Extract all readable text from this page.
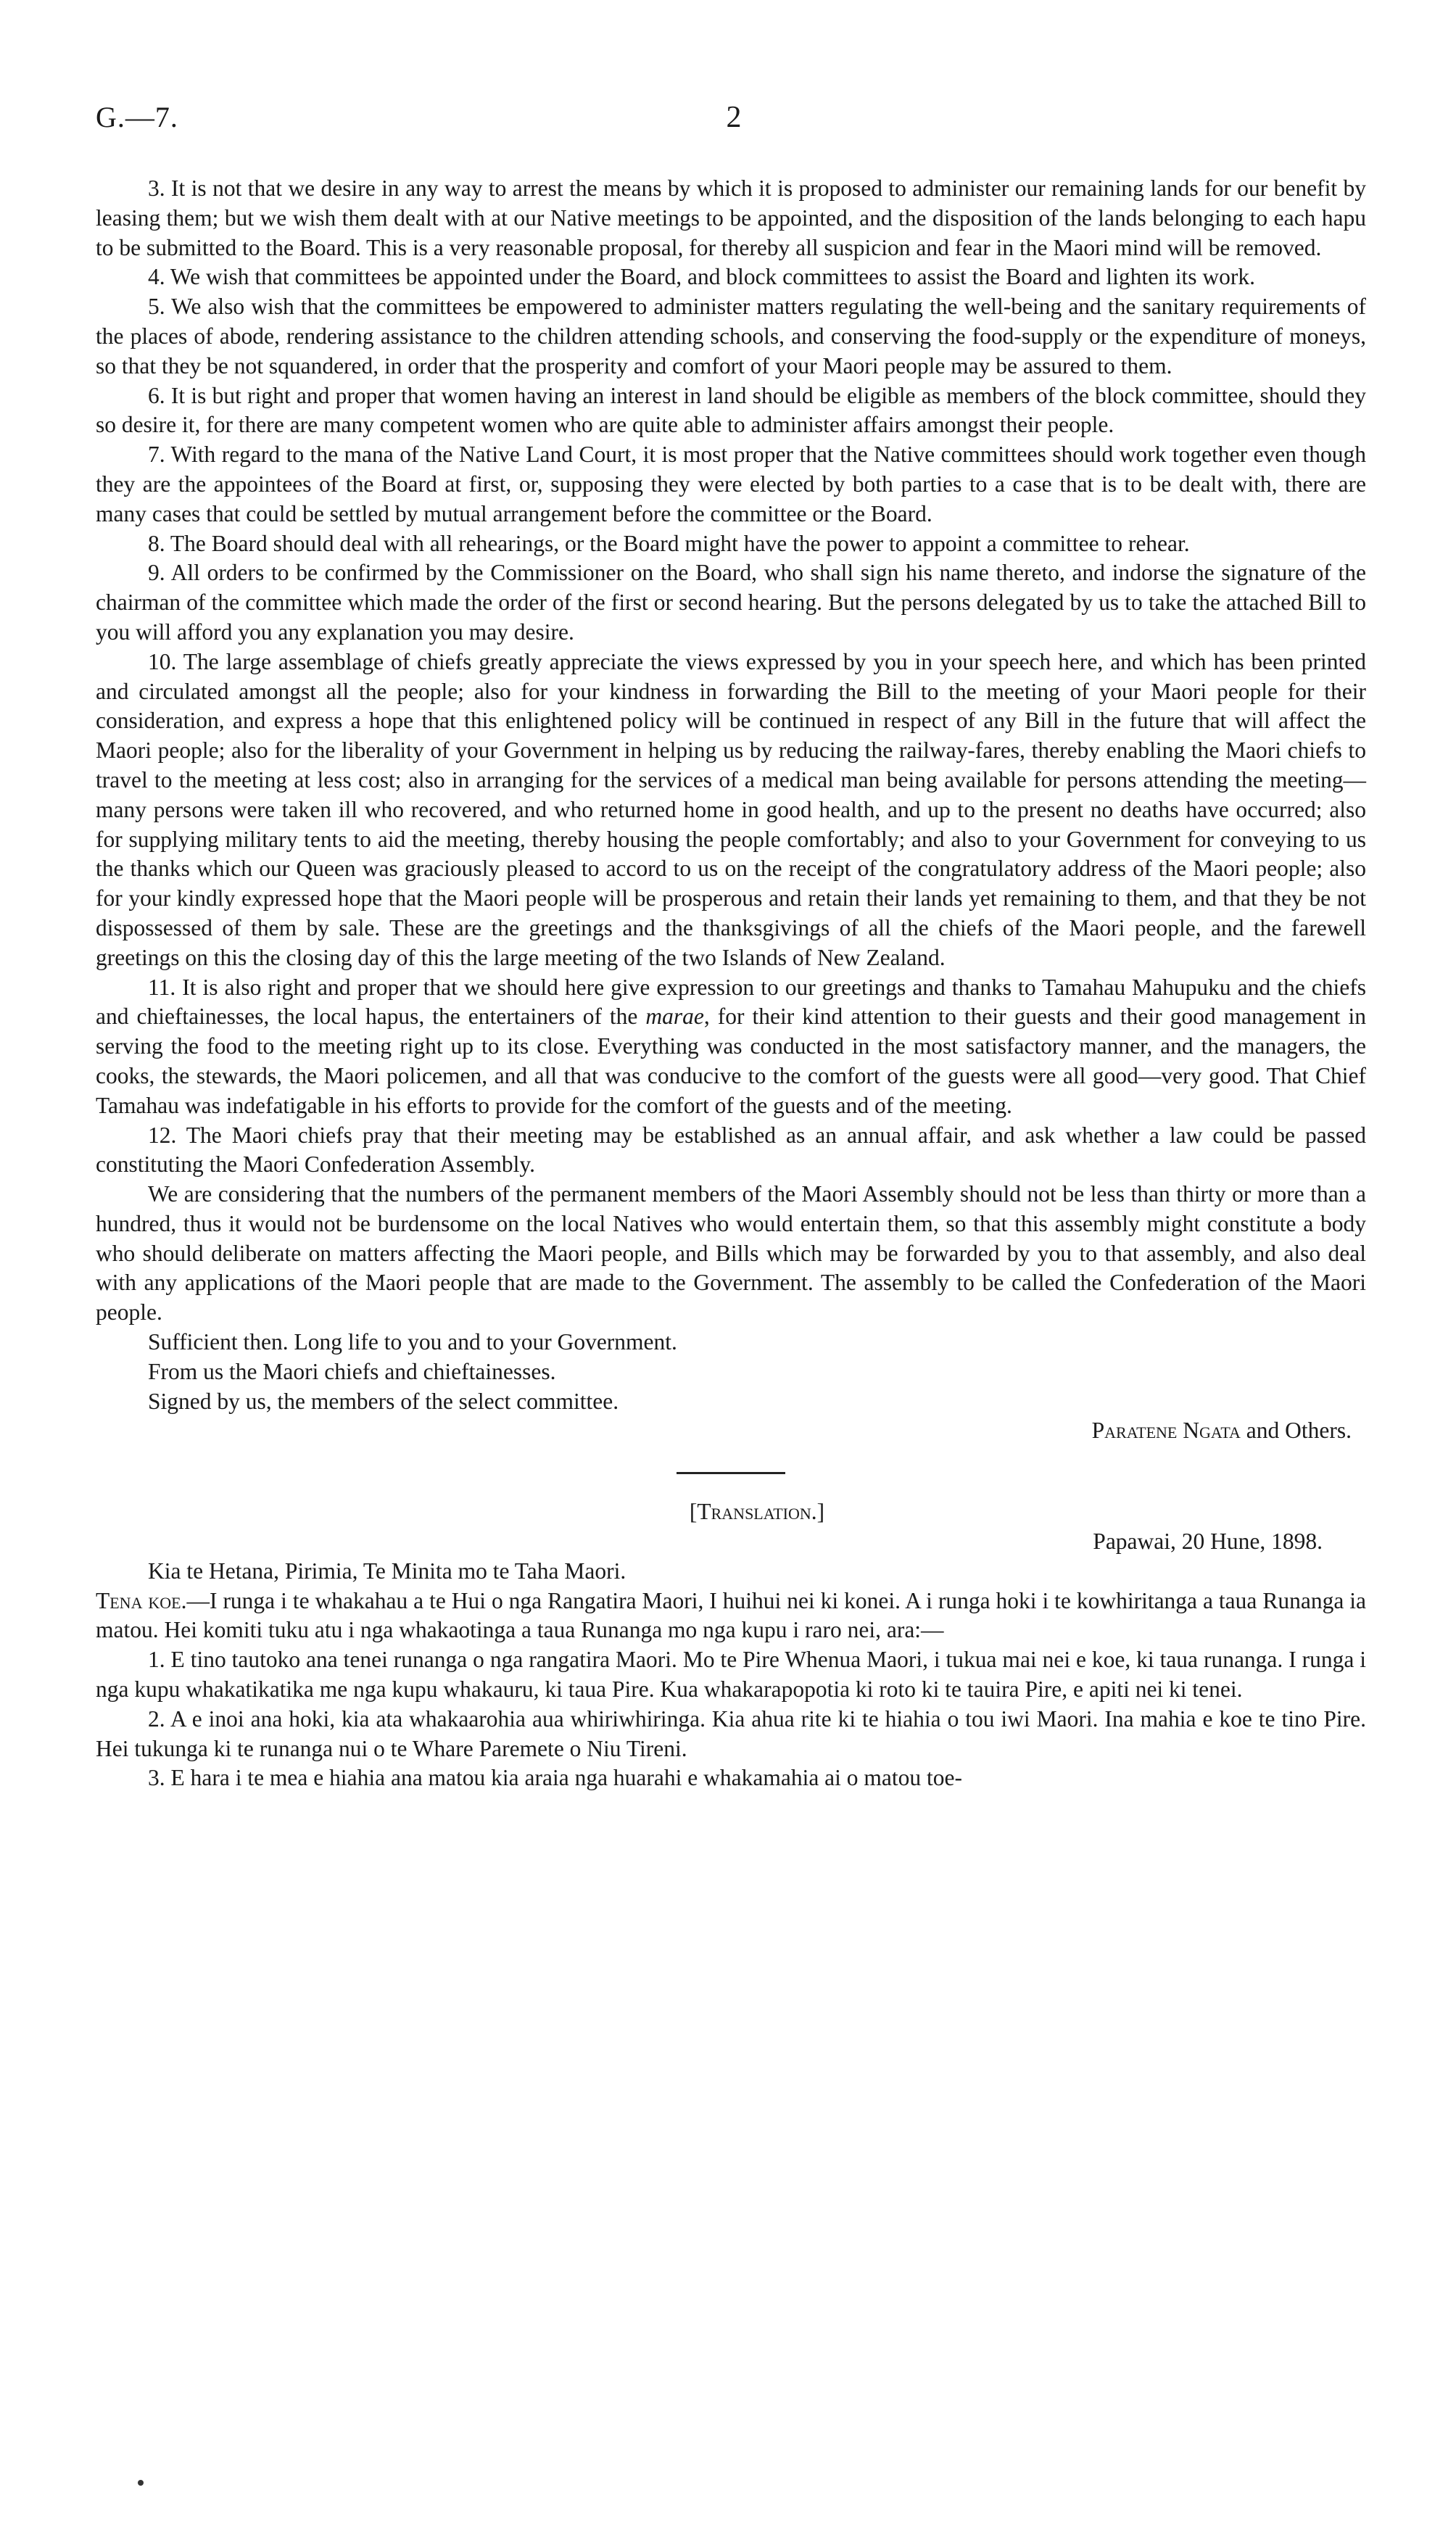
G.—7.	2

3. It is not that we desire in any way to arrest the means by which it is proposed to administer our remaining lands for our benefit by leasing them; but we wish them dealt with at our Native meetings to be appointed, and the disposition of the lands belonging to each hapu to be submitted to the Board. This is a very reasonable proposal, for thereby all suspicion and fear in the Maori mind will be removed.

4. We wish that committees be appointed under the Board, and block committees to assist the Board and lighten its work.

5. We also wish that the committees be empowered to administer matters regulating the well-being and the sanitary requirements of the places of abode, rendering assistance to the children attending schools, and conserving the food-supply or the expenditure of moneys, so that they be not squandered, in order that the prosperity and comfort of your Maori people may be assured to them.

6. It is but right and proper that women having an interest in land should be eligible as members of the block committee, should they so desire it, for there are many competent women who are quite able to administer affairs amongst their people.

7. With regard to the mana of the Native Land Court, it is most proper that the Native committees should work together even though they are the appointees of the Board at first, or, supposing they were elected by both parties to a case that is to be dealt with, there are many cases that could be settled by mutual arrangement before the committee or the Board.

8. The Board should deal with all rehearings, or the Board might have the power to appoint a committee to rehear.

9. All orders to be confirmed by the Commissioner on the Board, who shall sign his name thereto, and indorse the signature of the chairman of the committee which made the order of the first or second hearing. But the persons delegated by us to take the attached Bill to you will afford you any explanation you may desire.

10. The large assemblage of chiefs greatly appreciate the views expressed by you in your speech here, and which has been printed and circulated amongst all the people; also for your kindness in forwarding the Bill to the meeting of your Maori people for their consideration, and express a hope that this enlightened policy will be continued in respect of any Bill in the future that will affect the Maori people; also for the liberality of your Government in helping us by reducing the railway-fares, thereby enabling the Maori chiefs to travel to the meeting at less cost; also in arranging for the services of a medical man being available for persons attending the meeting—many persons were taken ill who recovered, and who returned home in good health, and up to the present no deaths have occurred; also for supplying military tents to aid the meeting, thereby housing the people comfortably; and also to your Government for conveying to us the thanks which our Queen was graciously pleased to accord to us on the receipt of the congratulatory address of the Maori people; also for your kindly expressed hope that the Maori people will be prosperous and retain their lands yet remaining to them, and that they be not dispossessed of them by sale. These are the greetings and the thanksgivings of all the chiefs of the Maori people, and the farewell greetings on this the closing day of this the large meeting of the two Islands of New Zealand.

11. It is also right and proper that we should here give expression to our greetings and thanks to Tamahau Mahupuku and the chiefs and chieftainesses, the local hapus, the entertainers of the marae, for their kind attention to their guests and their good management in serving the food to the meeting right up to its close. Everything was conducted in the most satisfactory manner, and the managers, the cooks, the stewards, the Maori policemen, and all that was conducive to the comfort of the guests were all good—very good. That Chief Tamahau was indefatigable in his efforts to provide for the comfort of the guests and of the meeting.

12. The Maori chiefs pray that their meeting may be established as an annual affair, and ask whether a law could be passed constituting the Maori Confederation Assembly.

We are considering that the numbers of the permanent members of the Maori Assembly should not be less than thirty or more than a hundred, thus it would not be burdensome on the local Natives who would entertain them, so that this assembly might constitute a body who should deliberate on matters affecting the Maori people, and Bills which may be forwarded by you to that assembly, and also deal with any applications of the Maori people that are made to the Government. The assembly to be called the Confederation of the Maori people.

Sufficient then. Long life to you and to your Government.

From us the Maori chiefs and chieftainesses.

Signed by us, the members of the select committee.

Paratene Ngata and Others.

[Translation.]

Papawai, 20 Hune, 1898.

Kia te Hetana, Pirimia, Te Minita mo te Taha Maori.

Tena koe.—I runga i te whakahau a te Hui o nga Rangatira Maori, I huihui nei ki konei. A i runga hoki i te kowhiritanga a taua Runanga ia matou. Hei komiti tuku atu i nga whakaotinga a taua Runanga mo nga kupu i raro nei, ara:—

1. E tino tautoko ana tenei runanga o nga rangatira Maori. Mo te Pire Whenua Maori, i tukua mai nei e koe, ki taua runanga. I runga i nga kupu whakatikatika me nga kupu whakauru, ki taua Pire. Kua whakarapopotia ki roto ki te tauira Pire, e apiti nei ki tenei.

2. A e inoi ana hoki, kia ata whakaarohia aua whiriwhiringa. Kia ahua rite ki te hiahia o tou iwi Maori. Ina mahia e koe te tino Pire. Hei tukunga ki te runanga nui o te Whare Paremete o Niu Tireni.

3. E hara i te mea e hiahia ana matou kia araia nga huarahi e whakamahia ai o matou toe-
